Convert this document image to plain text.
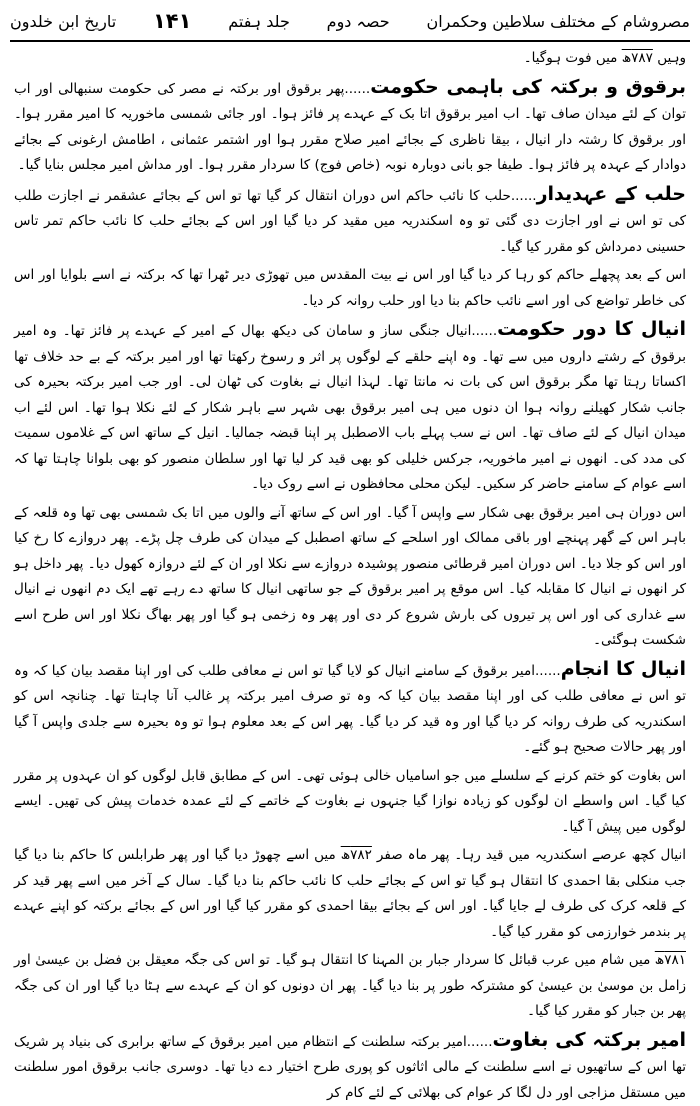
مصروشام کے مختلف سلاطین وحکمران
حصہ دوم
جلد ہفتم
۱۴۱
تاریخ ابن خلدون

وہیں ۷۸۷ھ میں فوت ہوگیا۔

برقوق و برکتہ کی باہمی حکومت......پھر برقوق اور برکتہ نے مصر کی حکومت سنبھالی اور اب توان کے لئے میدان صاف تھا۔ اب امیر برقوق اتا بک کے عہدے پر فائز ہوا۔ اور جائی شمسی ماخوریہ کا امیر مقرر ہوا۔ اور برقوق کا رشتہ دار انیال ، بیقا ناظری کے بجائے امیر صلاح مقرر ہوا اور اشتمر عثمانی ، اطامش ارغونی کے بجائے دوادار کے عہدہ پر فائز ہوا۔ طیفا جو بانی دوبارہ نوبہ (خاص فوج) کا سردار مقرر ہوا۔ اور مداش امیر مجلس بنایا گیا۔

حلب کے عہدیدار......حلب کا نائب حاکم اس دوران انتقال کر گیا تھا تو اس کے بجائے عشقمر نے اجازت طلب کی تو اس نے اور اجازت دی گئی تو وہ اسکندریہ میں مقید کر دیا گیا اور اس کے بجائے حلب کا نائب حاکم تمر تاس حسینی دمرداش کو مقرر کیا گیا۔

اس کے بعد پچھلے حاکم کو رہا کر دیا گیا اور اس نے بیت المقدس میں تھوڑی دیر ٹھرا تھا کہ برکتہ نے اسے بلوایا اور اس کی خاطر تواضع کی اور اسے نائب حاکم بنا دیا اور حلب روانہ کر دیا۔

انیال کا دور حکومت......انیال جنگی ساز و سامان کی دیکھ بھال کے امیر کے عہدے پر فائز تھا۔ وہ امیر برقوق کے رشتے داروں میں سے تھا۔ وہ اپنے حلقے کے لوگوں پر اثر و رسوخ رکھتا تھا اور امیر برکتہ کے بے حد خلاف تھا اکساتا رہتا تھا مگر برقوق اس کی بات نہ مانتا تھا۔ لہذا انیال نے بغاوت کی ٹھان لی۔ اور جب امیر برکتہ بحیرہ کی جانب شکار کھیلنے روانہ ہوا ان دنوں میں ہی امیر برقوق بھی شہر سے باہر شکار کے لئے نکلا ہوا تھا۔ اس لئے اب میدان انیال کے لئے صاف تھا۔ اس نے سب پہلے باب الاصطبل پر اپنا قبضہ جمالیا۔ انیل کے ساتھ اس کے غلاموں سمیت کی مدد کی۔ انھوں نے امیر ماخوریہ، جرکس خلیلی کو بھی قید کر لیا تھا اور سلطان منصور کو بھی بلوانا چاہتا تھا کہ اسے عوام کے سامنے حاضر کر سکیں۔ لیکن محلی محافظوں نے اسے روک دیا۔

اس دوران ہی امیر برقوق بھی شکار سے واپس آ گیا۔ اور اس کے ساتھ آنے والوں میں اتا بک شمسی بھی تھا وہ قلعہ کے باہر اس کے گھر پہنچے اور باقی ممالک اور اسلحے کے ساتھ اصطبل کے میدان کی طرف چل پڑے۔ پھر دروازے کا رخ کیا اور اس کو جلا دیا۔ اس دوران امیر قرطائی منصور پوشیدہ دروازے سے نکلا اور ان کے لئے دروازہ کھول دیا۔ پھر داخل ہو کر انھوں نے انیال کا مقابلہ کیا۔ اس موقع پر امیر برقوق کے جو ساتھی انیال کا ساتھ دے رہے تھے ایک دم انھوں نے انیال سے غداری کی اور اس پر تیروں کی بارش شروع کر دی اور پھر وہ زخمی ہو گیا اور پھر بھاگ نکلا اور اس طرح اسے شکست ہوگئی۔

انیال کا انجام......امیر برقوق کے سامنے انیال کو لایا گیا تو اس نے معافی طلب کی اور اپنا مقصد بیان کیا کہ وہ تو اس نے معافی طلب کی اور اپنا مقصد بیان کیا کہ وہ تو صرف امیر برکتہ پر غالب آنا چاہتا تھا۔ چنانچہ اس کو اسکندریہ کی طرف روانہ کر دیا گیا اور وہ قید کر دیا گیا۔ پھر اس کے بعد معلوم ہوا تو وہ بحیرہ سے جلدی واپس آ گیا اور پھر حالات صحیح ہو گئے۔

اس بغاوت کو ختم کرنے کے سلسلے میں جو اسامیاں خالی ہوئی تھی۔ اس کے مطابق قابل لوگوں کو ان عہدوں پر مقرر کیا گیا۔ اس واسطے ان لوگوں کو زیادہ نوازا گیا جنہوں نے بغاوت کے خاتمے کے لئے عمدہ خدمات پیش کی تھیں۔ ایسے لوگوں میں پیش آ گیا۔

انیال کچھ عرصے اسکندریہ میں قید رہا۔ پھر ماہ صفر ۷۸۲ھ میں اسے چھوڑ دیا گیا اور پھر طرابلس کا حاکم بنا دیا گیا جب منکلی بقا احمدی کا انتقال ہو گیا تو اس کے بجائے حلب کا نائب حاکم بنا دیا گیا۔ سال کے آخر میں اسے پھر قید کر کے قلعہ کرک کی طرف لے جایا گیا۔ اور اس کے بجائے بیقا احمدی کو مقرر کیا گیا اور اس کے بجائے برکتہ کو اپنے عہدے پر بندمر خوارزمی کو مقرر کیا گیا۔

۷۸۱ھ میں شام میں عرب قبائل کا سردار جبار بن المہنا کا انتقال ہو گیا۔ تو اس کی جگہ معیقل بن فضل بن عیسیٰ اور زامل بن موسیٰ بن عیسیٰ کو مشترکہ طور پر بنا دیا گیا۔ پھر ان دونوں کو ان کے عہدے سے ہٹا دیا گیا اور ان کی جگہ پھر بن جبار کو مقرر کیا گیا۔

امیر برکتہ کی بغاوت......امیر برکتہ سلطنت کے انتظام میں امیر برقوق کے ساتھ برابری کی بنیاد پر شریک تھا اس کے ساتھیوں نے اسے سلطنت کے مالی اثاثوں کو پوری طرح اختیار دے دیا تھا۔ دوسری جانب برقوق امور سلطنت میں مستقل مزاجی اور دل لگا کر عوام کی بھلائی کے لئے کام کر
